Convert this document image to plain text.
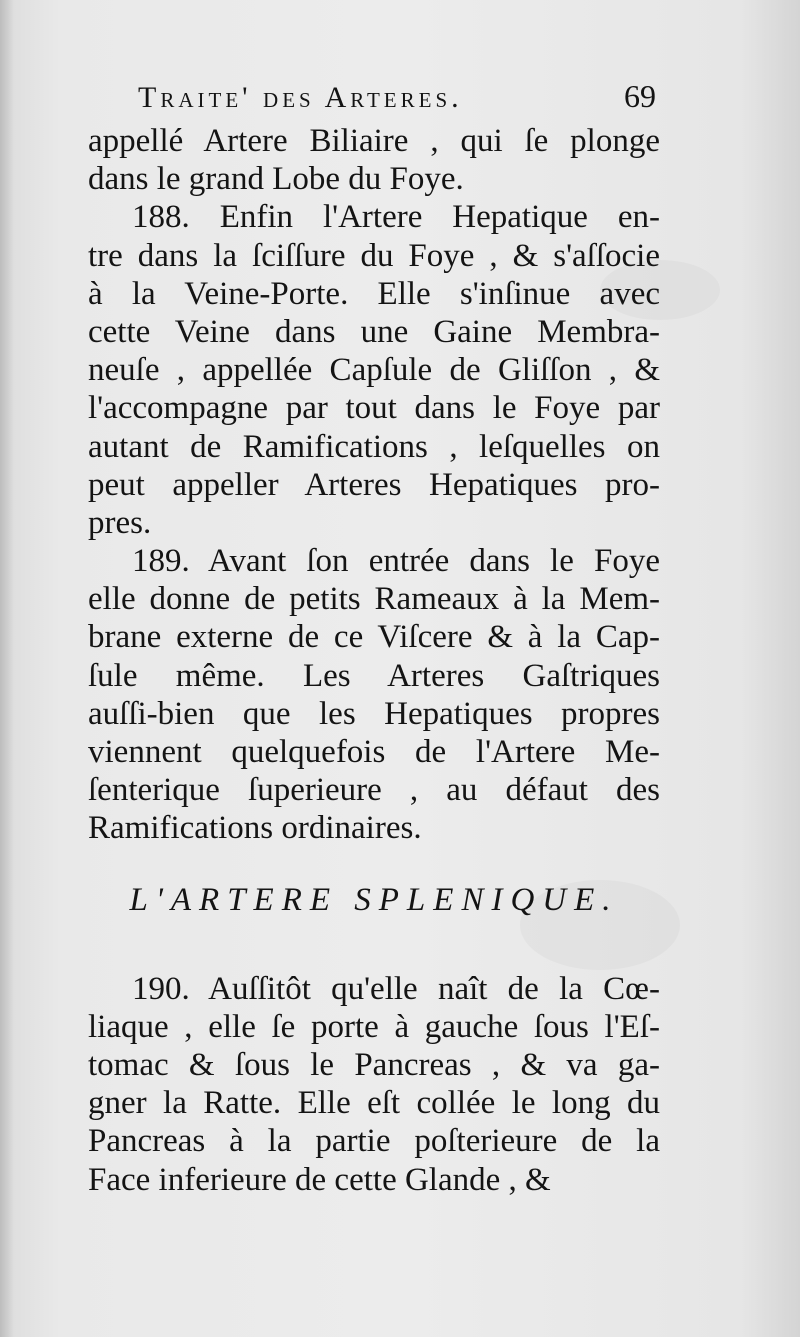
Traite' des Arteres.	69
appellé Artere Biliaire , qui ſe plonge
dans le grand Lobe du Foye.
188. Enfin l'Artere Hepatique en-
tre dans la ſciſſure du Foye , & s'aſſocie
à la Veine-Porte. Elle s'inſinue avec
cette Veine dans une Gaine Membra-
neuſe , appellée Capſule de Gliſſon , &
l'accompagne par tout dans le Foye par
autant de Ramifications , leſquelles on
peut appeller Arteres Hepatiques pro-
pres.
189. Avant ſon entrée dans le Foye
elle donne de petits Rameaux à la Mem-
brane externe de ce Viſcere & à la Cap-
ſule même. Les Arteres Gaſtriques
auſſi-bien que les Hepatiques propres
viennent quelquefois de l'Artere Me-
ſenterique ſuperieure , au défaut des
Ramifications ordinaires.
L'ARTERE SPLENIQUE.
190. Auſſitôt qu'elle naît de la Cœ-
liaque , elle ſe porte à gauche ſous l'Eſ-
tomac & ſous le Pancreas , & va ga-
gner la Ratte. Elle eſt collée le long du
Pancreas à la partie poſterieure de la
Face inferieure de cette Glande , &
